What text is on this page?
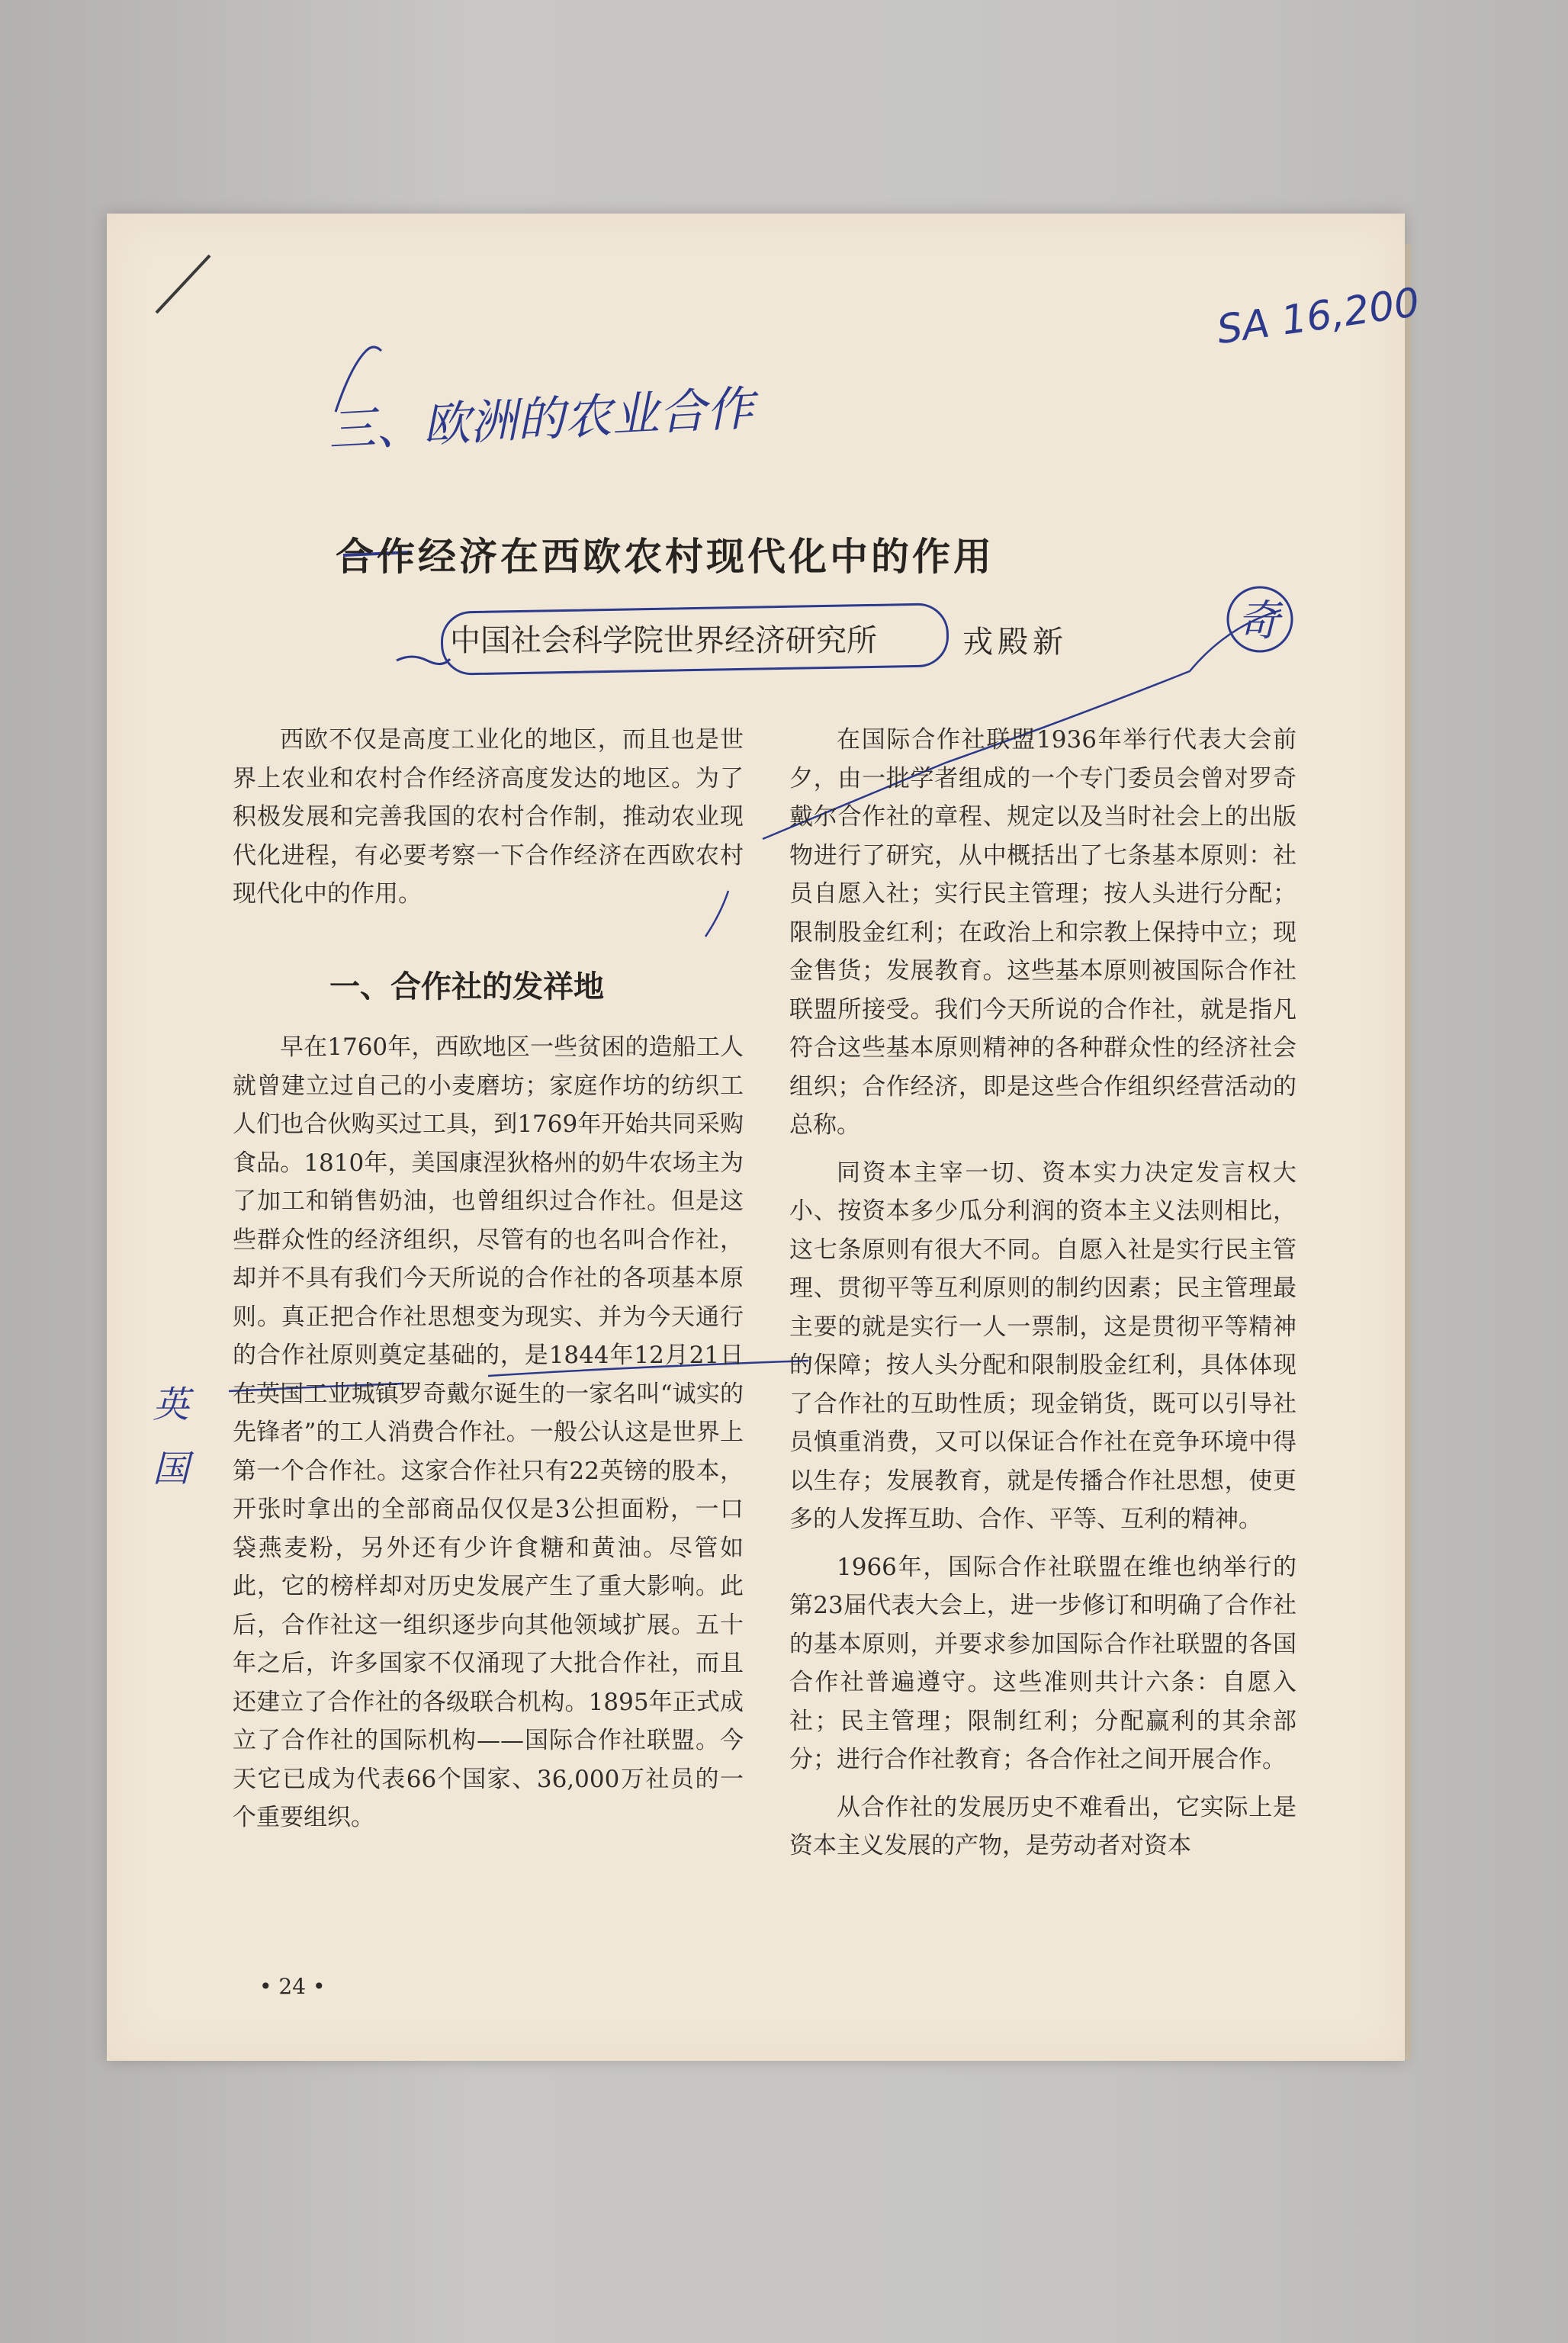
SA 16,200
三、欧洲的农业合作
奇
英 国
合作经济在西欧农村现代化中的作用
中国社会科学院世界经济研究所	戎殿新

西欧不仅是高度工业化的地区，而且也是世界上农业和农村合作经济高度发达的地区。为了积极发展和完善我国的农村合作制，推动农业现代化进程，有必要考察一下合作经济在西欧农村现代化中的作用。

一、合作社的发祥地

早在1760年，西欧地区一些贫困的造船工人就曾建立过自己的小麦磨坊；家庭作坊的纺织工人们也合伙购买过工具，到1769年开始共同采购食品。1810年，美国康涅狄格州的奶牛农场主为了加工和销售奶油，也曾组织过合作社。但是这些群众性的经济组织，尽管有的也名叫合作社，却并不具有我们今天所说的合作社的各项基本原则。真正把合作社思想变为现实、并为今天通行的合作社原则奠定基础的，是1844年12月21日在英国工业城镇罗奇戴尔诞生的一家名叫“诚实的先锋者”的工人消费合作社。一般公认这是世界上第一个合作社。这家合作社只有22英镑的股本，开张时拿出的全部商品仅仅是3公担面粉，一口袋燕麦粉，另外还有少许食糖和黄油。尽管如此，它的榜样却对历史发展产生了重大影响。此后，合作社这一组织逐步向其他领域扩展。五十年之后，许多国家不仅涌现了大批合作社，而且还建立了合作社的各级联合机构。1895年正式成立了合作社的国际机构——国际合作社联盟。今天它已成为代表66个国家、36,000万社员的一个重要组织。

在国际合作社联盟1936年举行代表大会前夕，由一批学者组成的一个专门委员会曾对罗奇戴尔合作社的章程、规定以及当时社会上的出版物进行了研究，从中概括出了七条基本原则：社员自愿入社；实行民主管理；按人头进行分配；限制股金红利；在政治上和宗教上保持中立；现金售货；发展教育。这些基本原则被国际合作社联盟所接受。我们今天所说的合作社，就是指凡符合这些基本原则精神的各种群众性的经济社会组织；合作经济，即是这些合作组织经营活动的总称。

同资本主宰一切、资本实力决定发言权大小、按资本多少瓜分利润的资本主义法则相比，这七条原则有很大不同。自愿入社是实行民主管理、贯彻平等互利原则的制约因素；民主管理最主要的就是实行一人一票制，这是贯彻平等精神的保障；按人头分配和限制股金红利，具体体现了合作社的互助性质；现金销货，既可以引导社员慎重消费，又可以保证合作社在竞争环境中得以生存；发展教育，就是传播合作社思想，使更多的人发挥互助、合作、平等、互利的精神。

1966年，国际合作社联盟在维也纳举行的第23届代表大会上，进一步修订和明确了合作社的基本原则，并要求参加国际合作社联盟的各国合作社普遍遵守。这些准则共计六条：自愿入社；民主管理；限制红利；分配赢利的其余部分；进行合作社教育；各合作社之间开展合作。

从合作社的发展历史不难看出，它实际上是资本主义发展的产物，是劳动者对资本

• 24 •
